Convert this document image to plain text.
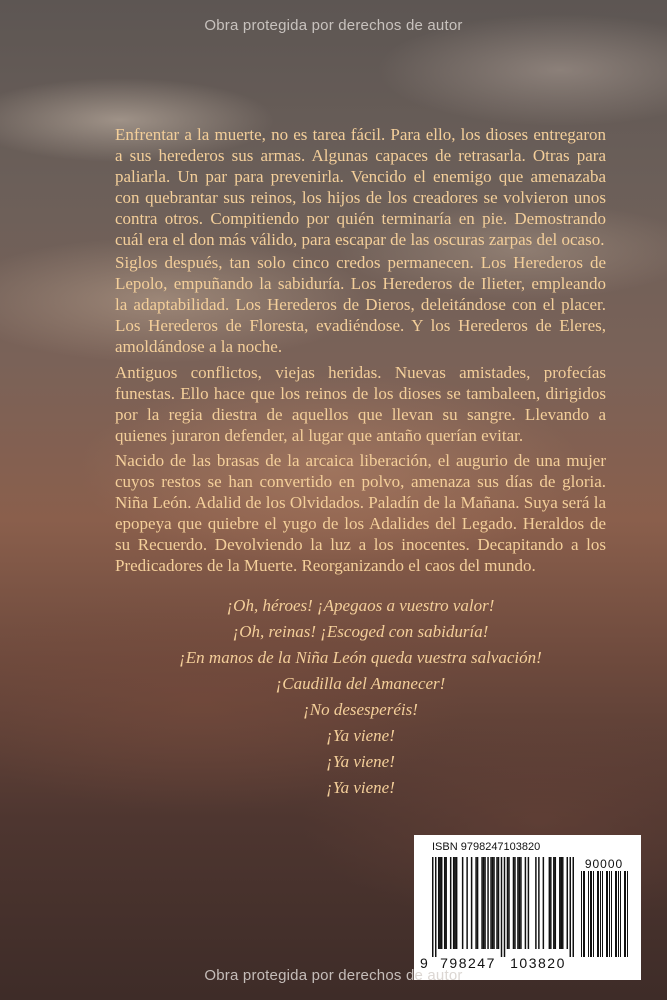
Obra protegida por derechos de autor

Enfrentar a la muerte, no es tarea fácil. Para ello, los dioses entregaron a sus herederos sus armas. Algunas capaces de retrasarla. Otras para paliarla. Un par para prevenirla. Vencido el enemigo que amenazaba con quebrantar sus reinos, los hijos de los creadores se volvieron unos contra otros. Compitiendo por quién terminaría en pie. Demostrando cuál era el don más válido, para escapar de las oscuras zarpas del ocaso.

Siglos después, tan solo cinco credos permanecen. Los Herederos de Lepolo, empuñando la sabiduría. Los Herederos de Ilieter, empleando la adaptabilidad. Los Herederos de Dieros, deleitándose con el placer. Los Herederos de Floresta, evadiéndose. Y los Herederos de Eleres, amoldándose a la noche.

Antiguos conflictos, viejas heridas. Nuevas amistades, profecías funestas. Ello hace que los reinos de los dioses se tambaleen, dirigidos por la regia diestra de aquellos que llevan su sangre. Llevando a quienes juraron defender, al lugar que antaño querían evitar.

Nacido de las brasas de la arcaica liberación, el augurio de una mujer cuyos restos se han convertido en polvo, amenaza sus días de gloria. Niña León. Adalid de los Olvidados. Paladín de la Mañana. Suya será la epopeya que quiebre el yugo de los Adalides del Legado. Heraldos de su Recuerdo. Devolviendo la luz a los inocentes. Decapitando a los Predicadores de la Muerte. Reorganizando el caos del mundo.

¡Oh, héroes! ¡Apegaos a vuestro valor!
¡Oh, reinas! ¡Escoged con sabiduría!
¡En manos de la Niña León queda vuestra salvación!
¡Caudilla del Amanecer!
¡No desesperéis!
¡Ya viene!
¡Ya viene!
¡Ya viene!
ISBN 9798247103820
90000
9 798247 103820
Obra protegida por derechos de autor
